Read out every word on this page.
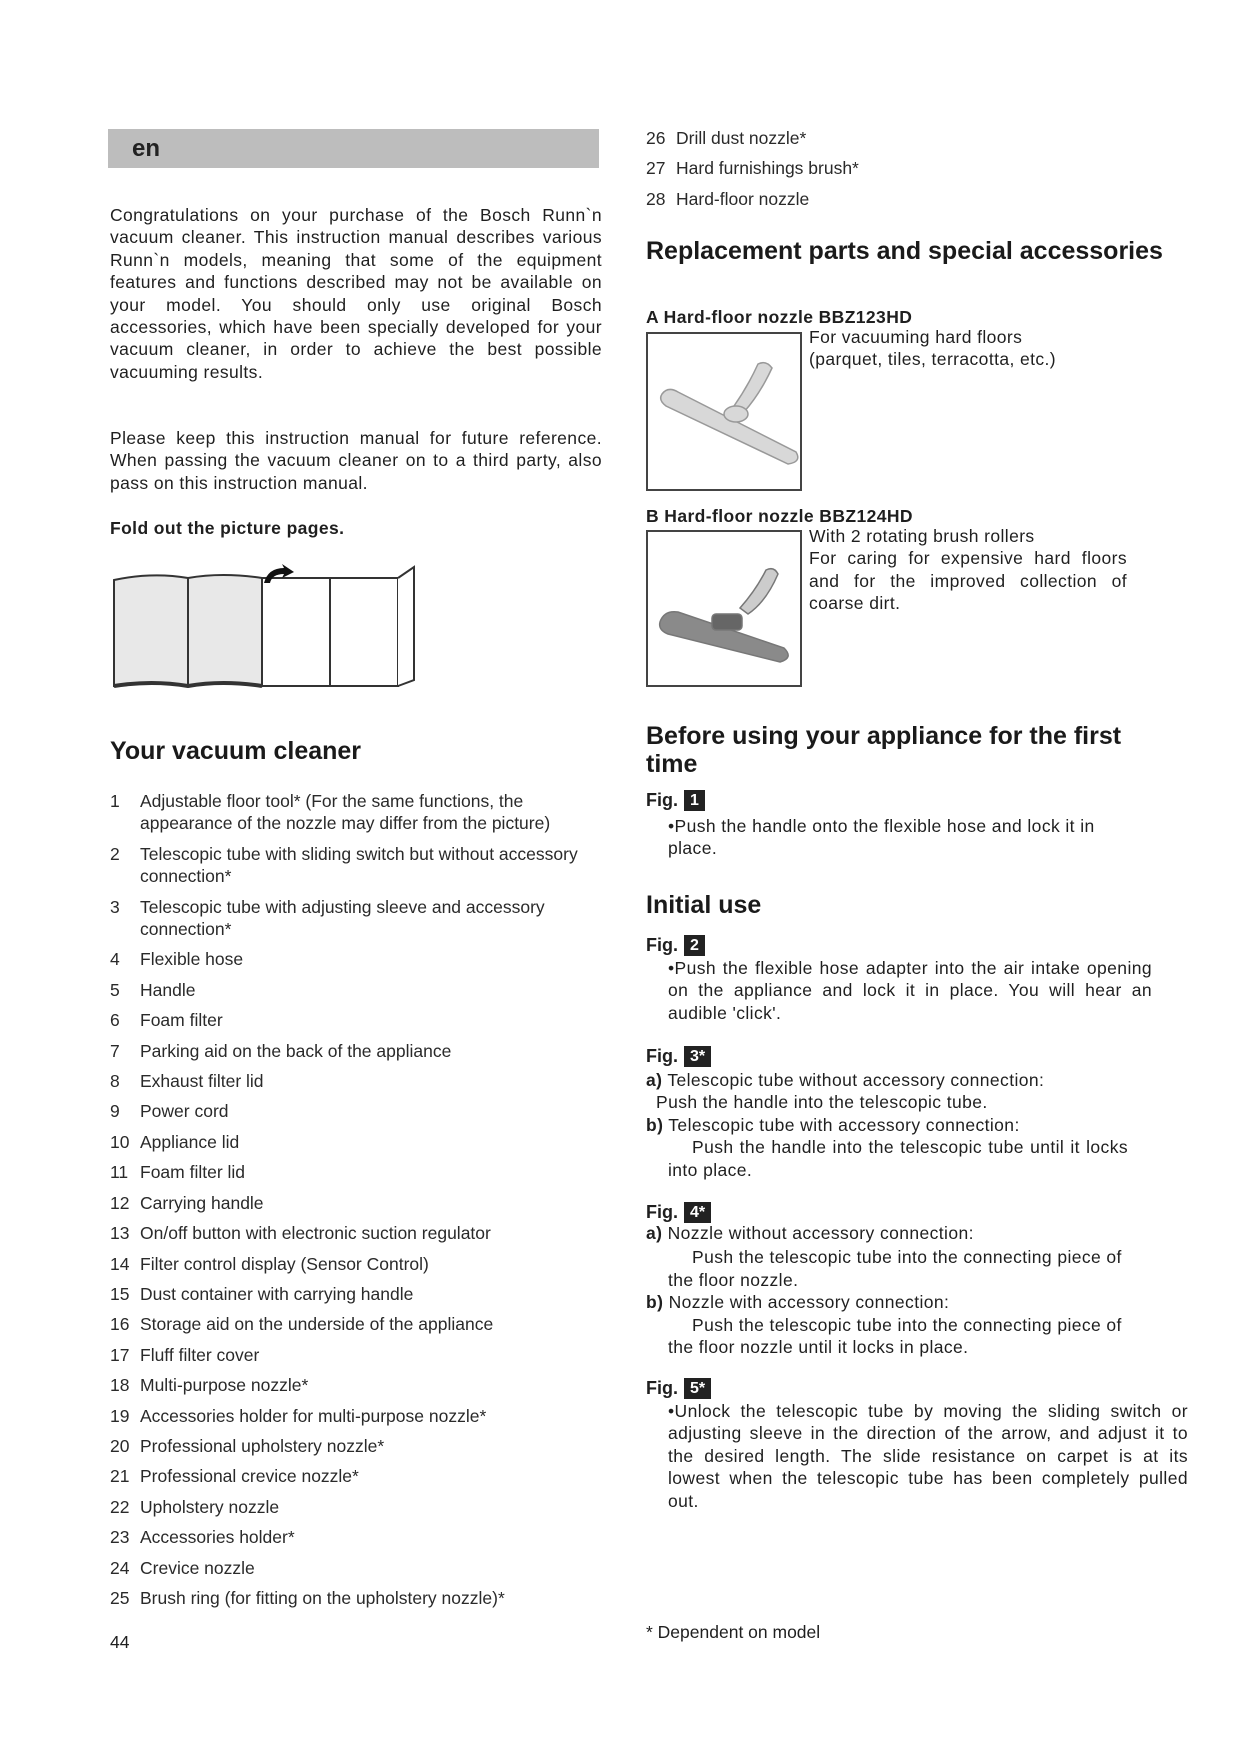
en
Congratulations on your purchase of the Bosch Runn`n vacuum cleaner. This instruction manual describes various Runn`n models, meaning that some of the equipment features and functions described may not be available on your model. You should only use original Bosch accessories, which have been specially developed for your vacuum cleaner, in order to achieve the best possible vacuuming results.
Please keep this instruction manual for future reference. When passing the vacuum cleaner on to a third party, also pass on this instruction manual.
Fold out the picture pages.
Your vacuum cleaner
1	Adjustable floor tool* (For the same functions, the appearance of the nozzle may differ from the picture)
2	Telescopic tube with sliding switch but without accessory connection*
3	Telescopic tube with adjusting sleeve and accessory connection*
4	Flexible hose
5	Handle
6	Foam filter
7	Parking aid on the back of the appliance
8	Exhaust filter lid
9	Power cord
10 Appliance lid
11 Foam filter lid
12 Carrying handle
13 On/off button with electronic suction regulator
14 Filter control display (Sensor Control)
15 Dust container with carrying handle
16 Storage aid on the underside of the appliance
17 Fluff filter cover
18 Multi-purpose nozzle*
19 Accessories holder for multi-purpose nozzle*
20 Professional upholstery nozzle*
21 Professional crevice nozzle*
22 Upholstery nozzle
23 Accessories holder*
24 Crevice nozzle
25 Brush ring (for fitting on the upholstery nozzle)*
44
26 Drill dust nozzle*
27 Hard furnishings brush*
28 Hard-floor nozzle
Replacement parts and special accessories
A Hard-floor nozzle BBZ123HD
For vacuuming hard floors
(parquet, tiles, terracotta, etc.)
B Hard-floor nozzle BBZ124HD
With 2 rotating brush rollers
For caring for expensive hard floors and for the improved collection of coarse dirt.
Before using your appliance for the first time
Fig. 1
•Push the handle onto the flexible hose and lock it in place.
Initial use
Fig. 2
•Push the flexible hose adapter into the air intake opening on the appliance and lock it in place. You will hear an audible 'click'.
Fig. 3*
a) Telescopic tube without accessory connection:
Push the handle into the telescopic tube.
b) Telescopic tube with accessory connection:
Push the handle into the telescopic tube until it locks into place.
Fig. 4*
a) Nozzle without accessory connection:
Push the telescopic tube into the connecting piece of the floor nozzle.
b) Nozzle with accessory connection:
Push the telescopic tube into the connecting piece of the floor nozzle until it locks in place.
Fig. 5*
•Unlock the telescopic tube by moving the sliding switch or adjusting sleeve in the direction of the arrow, and adjust it to the desired length. The slide resistance on carpet is at its lowest when the telescopic tube has been completely pulled out.
* Dependent on model
